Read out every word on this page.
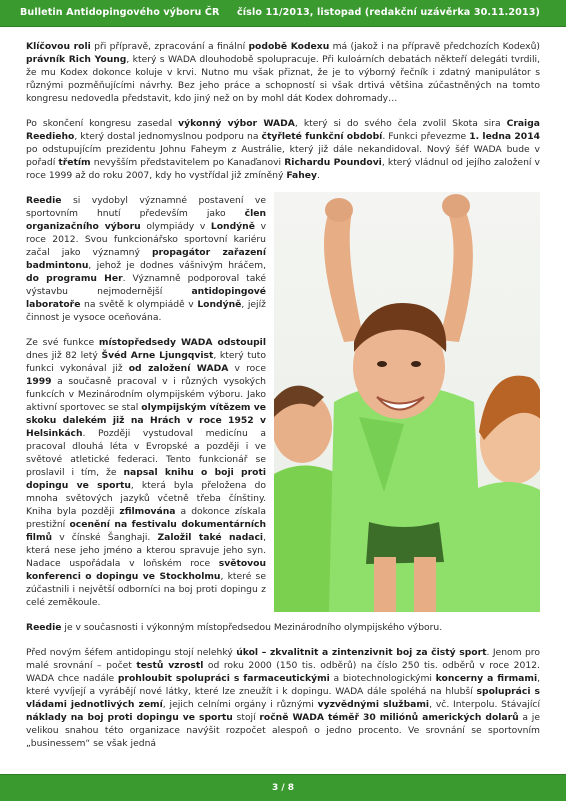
Bulletin Antidopingového výboru ČR číslo 11/2013, listopad (redakční uzávěrka 30.11.2013)

Klíčovou roli při přípravě, zpracování a finální podobě Kodexu má (jakož i na přípravě předchozích Kodexů) právník Rich Young, který s WADA dlouhodobě spolupracuje. Při kuloárních debatách někteří delegáti tvrdili, že mu Kodex dokonce koluje v krvi. Nutno mu však přiznat, že je to výborný řečník i zdatný manipulátor s různými pozměňujícími návrhy. Bez jeho práce a schopností si však drtivá většina zúčastněných na tomto kongresu nedovedla představit, kdo jiný než on by mohl dát Kodex dohromady…

Po skončení kongresu zasedal výkonný výbor WADA, který si do svého čela zvolil Skota sira Craiga Reedieho, který dostal jednomyslnou podporu na čtyřleté funkční období. Funkci převezme 1. ledna 2014 po odstupujícím prezidentu Johnu Faheym z Austrálie, který již dále nekandidoval. Nový šéf WADA bude v pořadí třetím nevyšším představitelem po Kanaďanovi Richardu Poundovi, který vládnul od jejího založení v roce 1999 až do roku 2007, kdy ho vystřídal již zmíněný Fahey.

Reedie si vydobyl významné postavení ve sportovním hnutí především jako člen organizačního výboru olympiády v Londýně v roce 2012. Svou funkcionářsko sportovní kariéru začal jako významný propagátor zařazení badmintonu, jehož je dodnes vášnivým hráčem, do programu Her. Významně podporoval také výstavbu nejmodernější antidopingové laboratoře na světě k olympiádě v Londýně, jejíž činnost je vysoce oceňována.

Ze své funkce místopředsedy WADA odstoupil dnes již 82 letý Švéd Arne Ljungqvist, který tuto funkci vykonával již od založení WADA v roce 1999 a současně pracoval v i různých vysokých funkcích v Mezinárodním olympijském výboru. Jako aktivní sportovec se stal olympijským vítězem ve skoku dalekém již na Hrách v roce 1952 v Helsinkách. Později vystudoval medicínu a pracoval dlouhá léta v Evropské a později i ve světové atletické federaci. Tento funkcionář se proslavil i tím, že napsal knihu o boji proti dopingu ve sportu, která byla přeložena do mnoha světových jazyků včetně třeba čínštiny. Kniha byla později zfilmována a dokonce získala prestižní ocenění na festivalu dokumentárních filmů v čínské Šanghaji. Založil také nadaci, která nese jeho jméno a kterou spravuje jeho syn. Nadace uspořádala v loňském roce světovou konferenci o dopingu ve Stockholmu, které se zúčastnili i největší odborníci na boj proti dopingu z celé zeměkoule.

Reedie je v současnosti i výkonným místopředsedou Mezinárodního olympijského výboru.

Před novým šéfem antidopingu stojí nelehký úkol – zkvalitnit a zintenzivnit boj za čistý sport. Jenom pro malé srovnání – počet testů vzrostl od roku 2000 (150 tis. odběrů) na číslo 250 tis. odběrů v roce 2012. WADA chce nadále prohloubit spolupráci s farmaceutickými a biotechnologickými koncerny a firmami, které vyvíjejí a vyrábějí nové látky, které lze zneužít i k dopingu. WADA dále spoléhá na hlubší spolupráci s vládami jednotlivých zemí, jejich celními orgány i různými vyzvědnými službami, vč. Interpolu. Stávající náklady na boj proti dopingu ve sportu stojí ročně WADA téměř 30 miliónů amerických dolarů a je velikou snahou této organizace navýšit rozpočet alespoň o jedno procento. Ve srovnání se sportovním „businessem“ se však jedná

3 / 8
